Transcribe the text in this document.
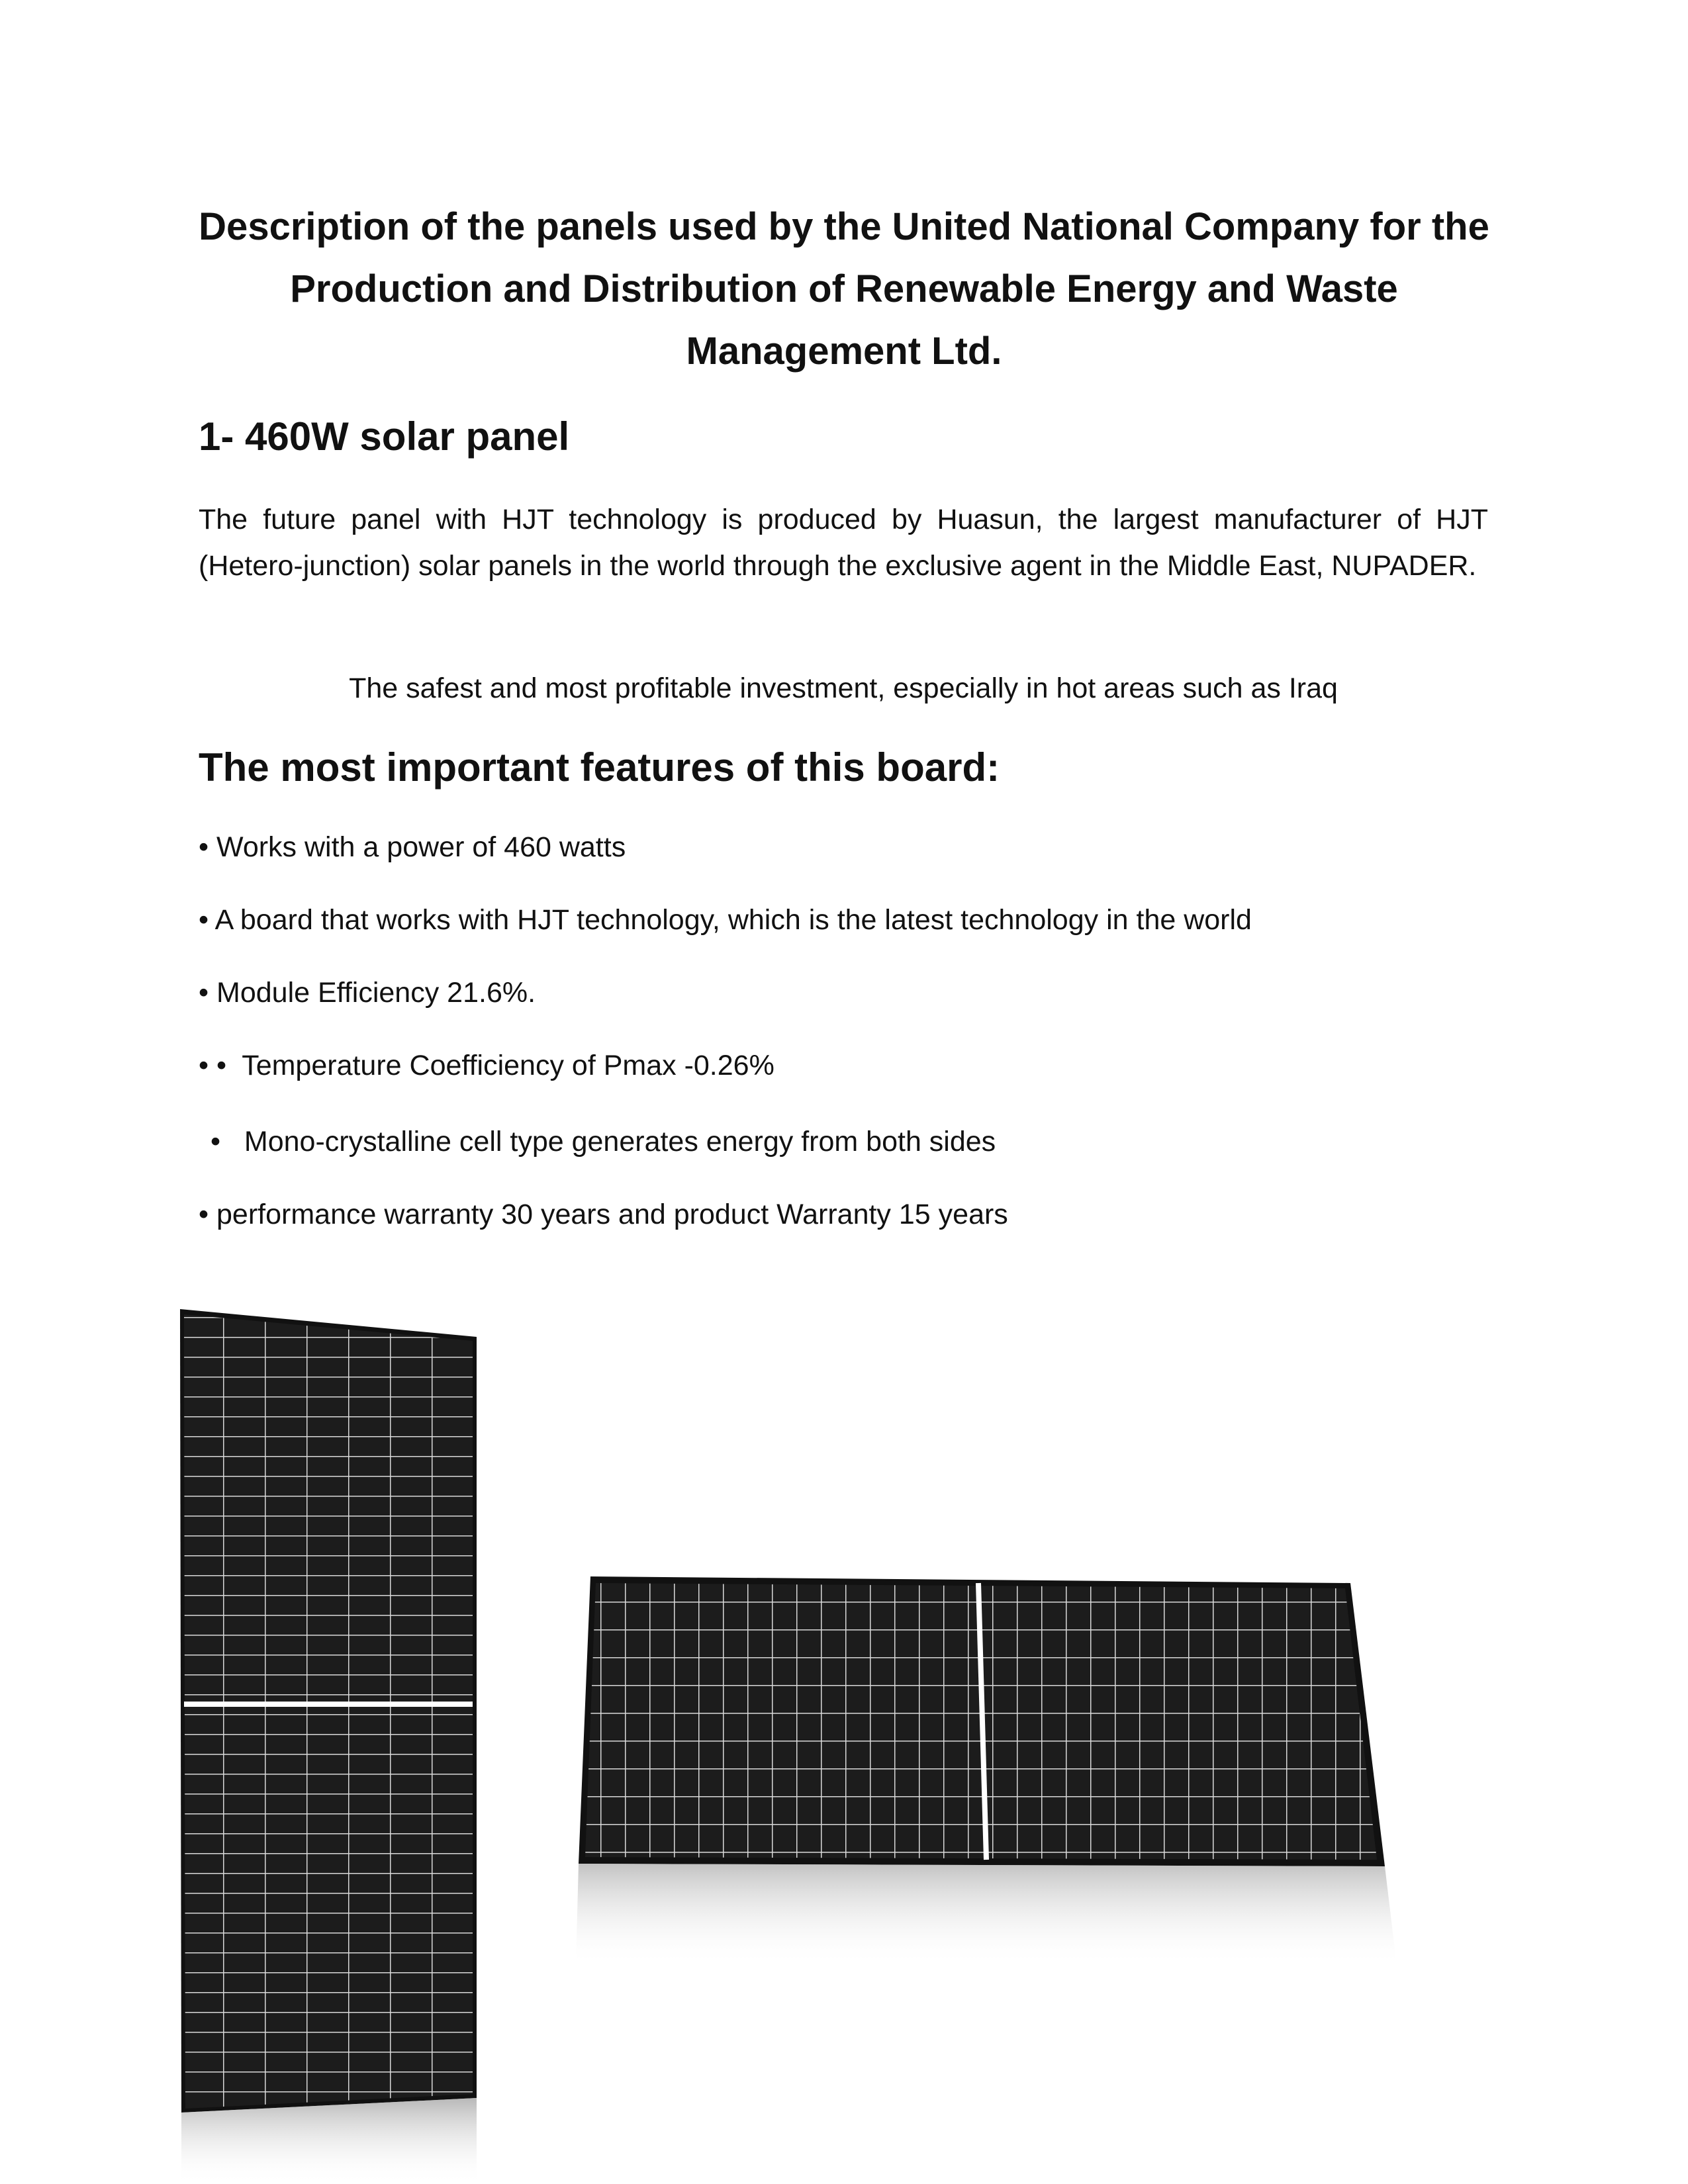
Description of the panels used by the United National Company for the Production and Distribution of Renewable Energy and Waste Management Ltd.
1- 460W solar panel

The future panel with HJT technology is produced by Huasun, the largest manufacturer of HJT (Hetero-junction) solar panels in the world through the exclusive agent in the Middle East, NUPADER.

The safest and most profitable investment, especially in hot areas such as Iraq

The most important features of this board:
• Works with a power of 460 watts
• A board that works with HJT technology, which is the latest technology in the world
• Module Efficiency 21.6%.
• • Temperature Coefficiency of Pmax -0.26%
• Mono-crystalline cell type generates energy from both sides
• performance warranty 30 years and product Warranty 15 years
